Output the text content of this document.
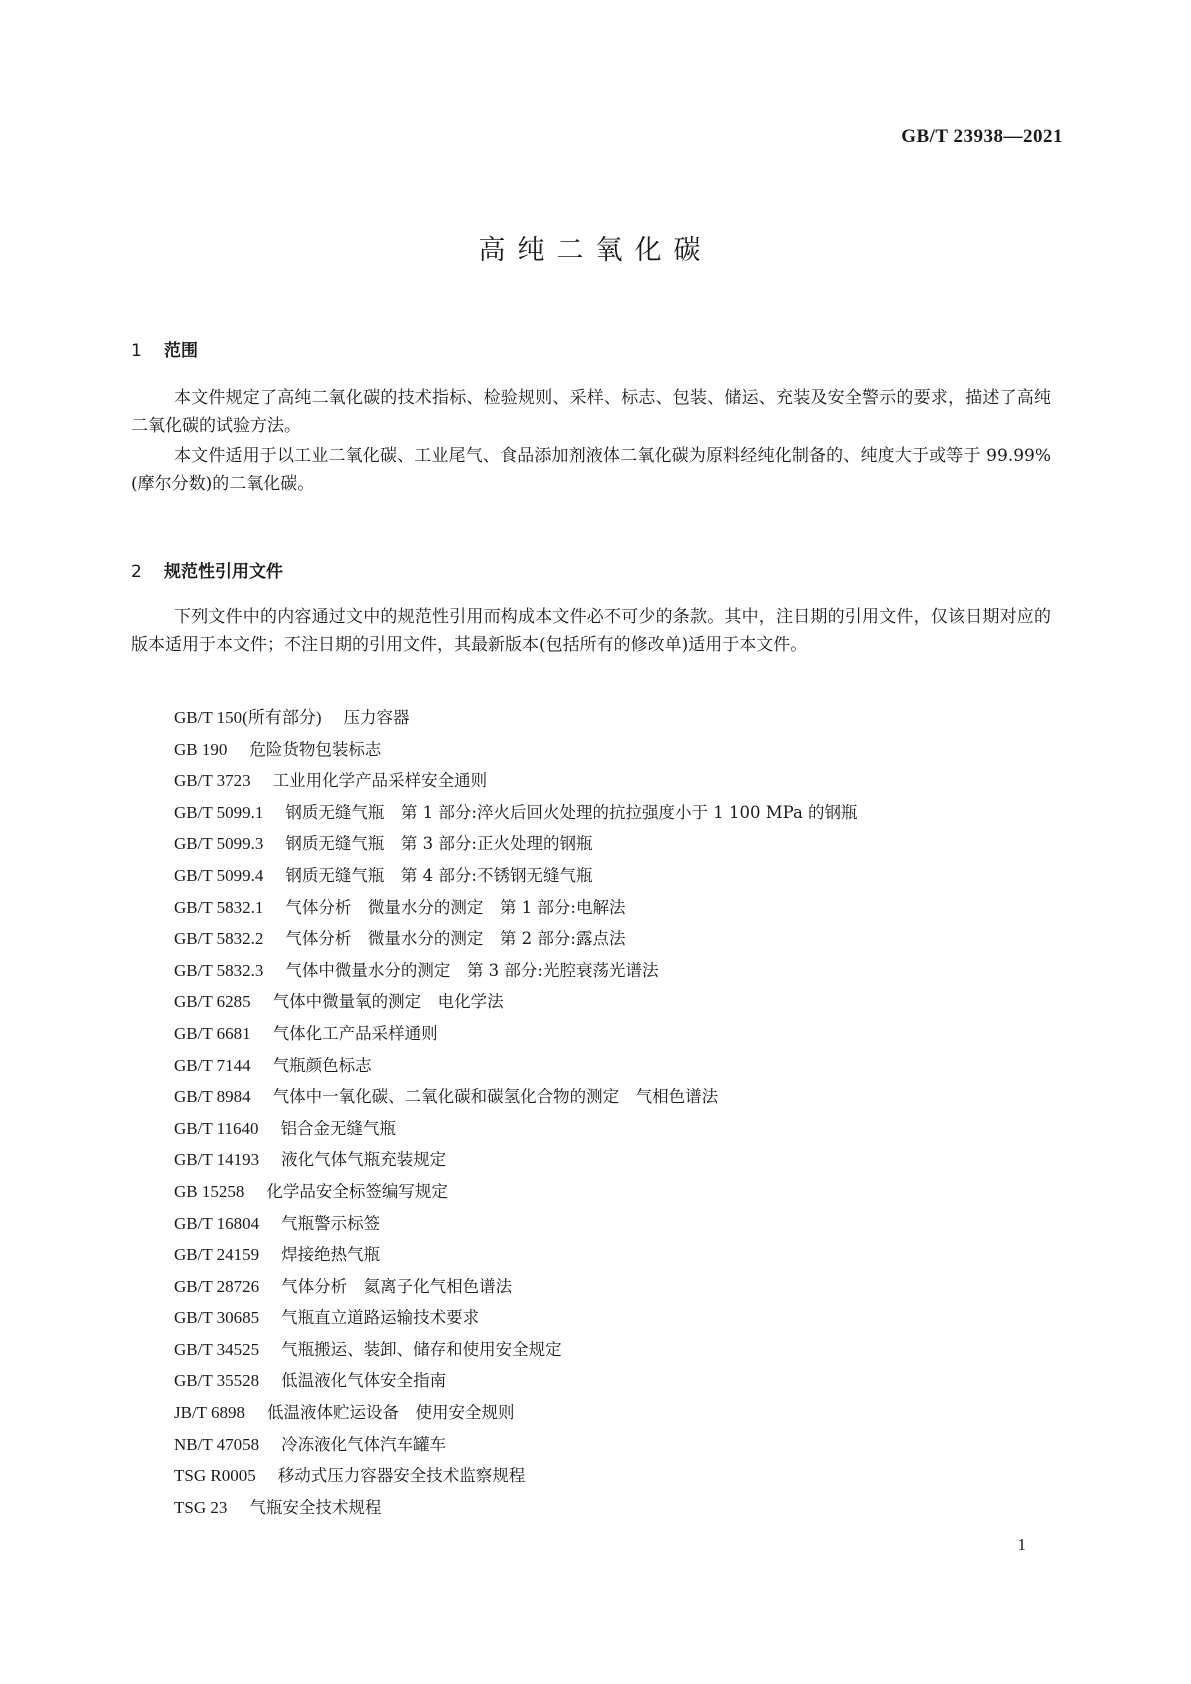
GB/T 23938—2021
高纯二氧化碳
1 范围

本文件规定了高纯二氧化碳的技术指标、检验规则、采样、标志、包装、储运、充装及安全警示的要求，描述了高纯二氧化碳的试验方法。

本文件适用于以工业二氧化碳、工业尾气、食品添加剂液体二氧化碳为原料经纯化制备的、纯度大于或等于 99.99%(摩尔分数)的二氧化碳。

2 规范性引用文件

下列文件中的内容通过文中的规范性引用而构成本文件必不可少的条款。其中，注日期的引用文件，仅该日期对应的版本适用于本文件；不注日期的引用文件，其最新版本(包括所有的修改单)适用于本文件。

GB/T 150(所有部分) 压力容器
GB 190 危险货物包装标志
GB/T 3723 工业用化学产品采样安全通则
GB/T 5099.1 钢质无缝气瓶　第 1 部分:淬火后回火处理的抗拉强度小于 1 100 MPa 的钢瓶
GB/T 5099.3 钢质无缝气瓶　第 3 部分:正火处理的钢瓶
GB/T 5099.4 钢质无缝气瓶　第 4 部分:不锈钢无缝气瓶
GB/T 5832.1 气体分析　微量水分的测定　第 1 部分:电解法
GB/T 5832.2 气体分析　微量水分的测定　第 2 部分:露点法
GB/T 5832.3 气体中微量水分的测定　第 3 部分:光腔衰荡光谱法
GB/T 6285 气体中微量氧的测定　电化学法
GB/T 6681 气体化工产品采样通则
GB/T 7144 气瓶颜色标志
GB/T 8984 气体中一氧化碳、二氧化碳和碳氢化合物的测定　气相色谱法
GB/T 11640 铝合金无缝气瓶
GB/T 14193 液化气体气瓶充装规定
GB 15258 化学品安全标签编写规定
GB/T 16804 气瓶警示标签
GB/T 24159 焊接绝热气瓶
GB/T 28726 气体分析　氦离子化气相色谱法
GB/T 30685 气瓶直立道路运输技术要求
GB/T 34525 气瓶搬运、装卸、储存和使用安全规定
GB/T 35528 低温液化气体安全指南
JB/T 6898 低温液体贮运设备　使用安全规则
NB/T 47058 冷冻液化气体汽车罐车
TSG R0005 移动式压力容器安全技术监察规程
TSG 23 气瓶安全技术规程
1
